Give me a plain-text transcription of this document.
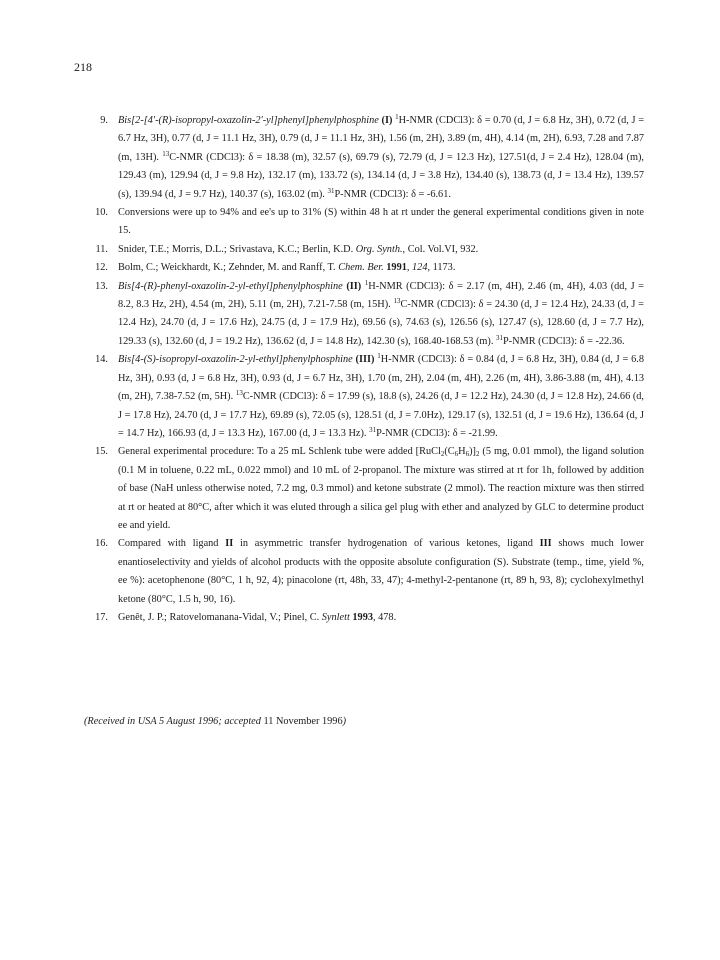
218
9. Bis[2-[4'-(R)-isopropyl-oxazolin-2'-yl]phenyl]phenylphosphine (I) $^1$H-NMR (CDCl3): δ = 0.70 (d, J = 6.8 Hz, 3H), 0.72 (d, J = 6.7 Hz, 3H), 0.77 (d, J = 11.1 Hz, 3H), 0.79 (d, J = 11.1 Hz, 3H), 1.56 (m, 2H), 3.89 (m, 4H), 4.14 (m, 2H), 6.93, 7.28 and 7.87 (m, 13H). $^{13}$C-NMR (CDCl3): δ = 18.38 (m), 32.57 (s), 69.79 (s), 72.79 (d, J = 12.3 Hz), 127.51(d, J = 2.4 Hz), 128.04 (m), 129.43 (m), 129.94 (d, J = 9.8 Hz), 132.17 (m), 133.72 (s), 134.14 (d, J = 3.8 Hz), 134.40 (s), 138.73 (d, J = 13.4 Hz), 139.57 (s), 139.94 (d, J = 9.7 Hz), 140.37 (s), 163.02 (m). $^{31}$P-NMR (CDCl3): δ = -6.61.
10. Conversions were up to 94% and ee's up to 31% (S) within 48 h at rt under the general experimental conditions given in note 15.
11. Snider, T.E.; Morris, D.L.; Srivastava, K.C.; Berlin, K.D. Org. Synth., Col. Vol.VI, 932.
12. Bolm, C.; Weickhardt, K.; Zehnder, M. and Ranff, T. Chem. Ber. 1991, 124, 1173.
13. Bis[4-(R)-phenyl-oxazolin-2-yl-ethyl]phenylphosphine (II) $^1$H-NMR (CDCl3): δ = 2.17 (m, 4H), 2.46 (m, 4H), 4.03 (dd, J = 8.2, 8.3 Hz, 2H), 4.54 (m, 2H), 5.11 (m, 2H), 7.21-7.58 (m, 15H). $^{13}$C-NMR (CDCl3): δ = 24.30 (d, J = 12.4 Hz), 24.33 (d, J = 12.4 Hz), 24.70 (d, J = 17.6 Hz), 24.75 (d, J = 17.9 Hz), 69.56 (s), 74.63 (s), 126.56 (s), 127.47 (s), 128.60 (d, J = 7.7 Hz), 129.33 (s), 132.60 (d, J = 19.2 Hz), 136.62 (d, J = 14.8 Hz), 142.30 (s), 168.40-168.53 (m). $^{31}$P-NMR (CDCl3): δ = -22.36.
14. Bis[4-(S)-isopropyl-oxazolin-2-yl-ethyl]phenylphosphine (III) $^1$H-NMR (CDCl3): δ = 0.84 (d, J = 6.8 Hz, 3H), 0.84 (d, J = 6.8 Hz, 3H), 0.93 (d, J = 6.8 Hz, 3H), 0.93 (d, J = 6.7 Hz, 3H), 1.70 (m, 2H), 2.04 (m, 4H), 2.26 (m, 4H), 3.86-3.88 (m, 4H), 4.13 (m, 2H), 7.38-7.52 (m, 5H). $^{13}$C-NMR (CDCl3): δ = 17.99 (s), 18.8 (s), 24.26 (d, J = 12.2 Hz), 24.30 (d, J = 12.8 Hz), 24.66 (d, J = 17.8 Hz), 24.70 (d, J = 17.7 Hz), 69.89 (s), 72.05 (s), 128.51 (d, J = 7.0Hz), 129.17 (s), 132.51 (d, J = 19.6 Hz), 136.64 (d, J = 14.7 Hz), 166.93 (d, J = 13.3 Hz), 167.00 (d, J = 13.3 Hz). $^{31}$P-NMR (CDCl3): δ = -21.99.
15. General experimental procedure: To a 25 mL Schlenk tube were added $[RuCl_2(C_6H_6)]_2$ (5 mg, 0.01 mmol), the ligand solution (0.1 M in toluene, 0.22 mL, 0.022 mmol) and 10 mL of 2-propanol. The mixture was stirred at rt for 1h, followed by addition of base (NaH unless otherwise noted, 7.2 mg, 0.3 mmol) and ketone substrate (2 mmol). The reaction mixture was then stirred at rt or heated at 80°C, after which it was eluted through a silica gel plug with ether and analyzed by GLC to determine product ee and yield.
16. Compared with ligand II in asymmetric transfer hydrogenation of various ketones, ligand III shows much lower enantioselectivity and yields of alcohol products with the opposite absolute configuration (S). Substrate (temp., time, yield %, ee %): acetophenone (80°C, 1 h, 92, 4); pinacolone (rt, 48h, 33, 47); 4-methyl-2-pentanone (rt, 89 h, 93, 8); cyclohexylmethyl ketone (80°C, 1.5 h, 90, 16).
17. Genêt, J. P.; Ratovelomanana-Vidal, V.; Pinel, C. Synlett 1993, 478.
(Received in USA 5 August 1996; accepted 11 November 1996)
